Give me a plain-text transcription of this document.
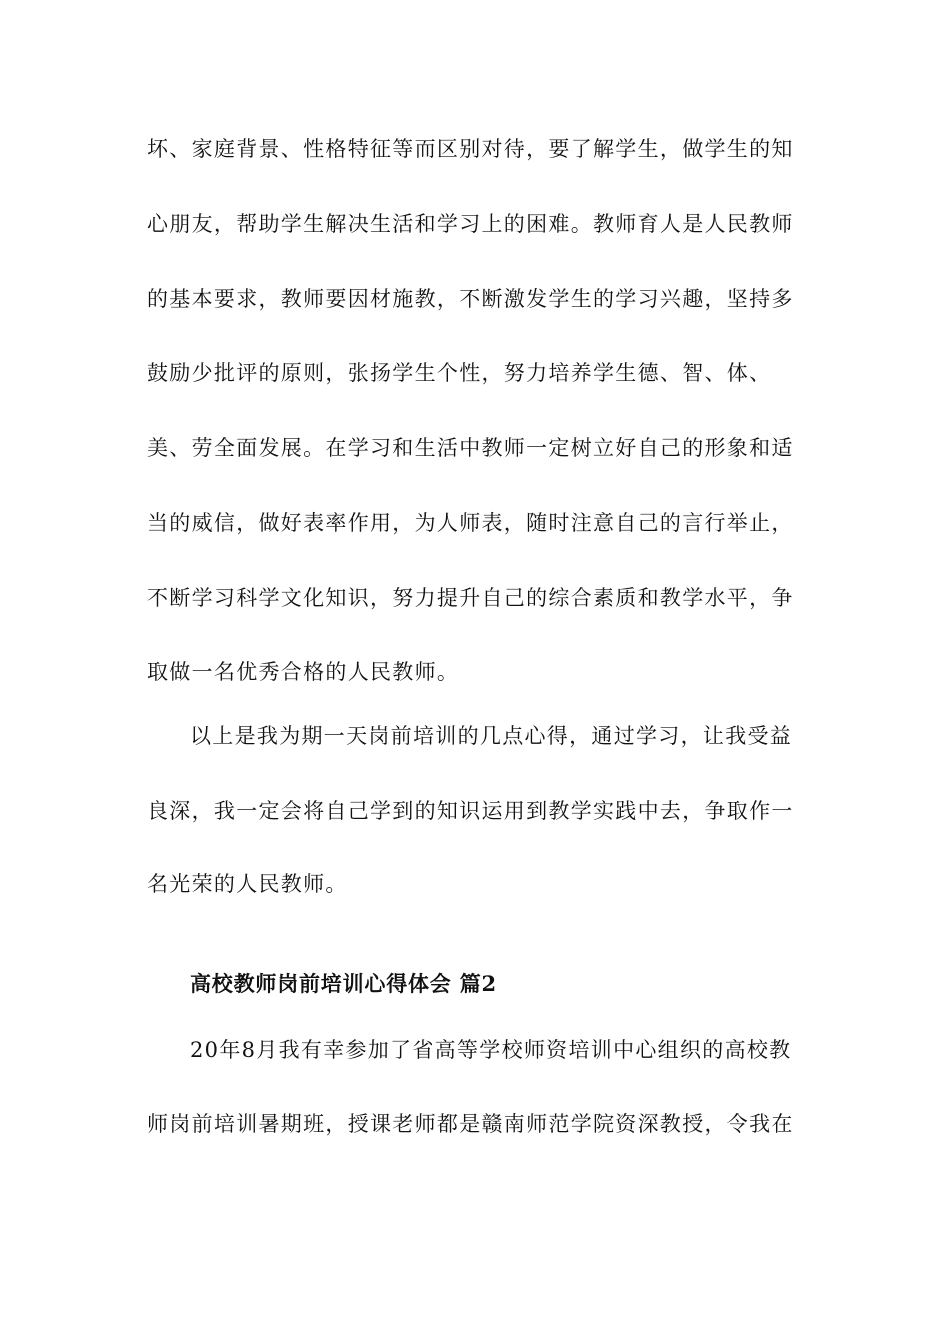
坏、家庭背景、性格特征等而区别对待，要了解学生，做学生的知
心朋友，帮助学生解决生活和学习上的困难。教师育人是人民教师
的基本要求，教师要因材施教，不断激发学生的学习兴趣，坚持多
鼓励少批评的原则，张扬学生个性，努力培养学生德、智、体、
美、劳全面发展。在学习和生活中教师一定树立好自己的形象和适
当的威信，做好表率作用，为人师表，随时注意自己的言行举止，
不断学习科学文化知识，努力提升自己的综合素质和教学水平，争
取做一名优秀合格的人民教师。
以上是我为期一天岗前培训的几点心得，通过学习，让我受益
良深，我一定会将自己学到的知识运用到教学实践中去，争取作一
名光荣的人民教师。
高校教师岗前培训心得体会 篇2
20年8月我有幸参加了省高等学校师资培训中心组织的高校教
师岗前培训暑期班，授课老师都是赣南师范学院资深教授，令我在
